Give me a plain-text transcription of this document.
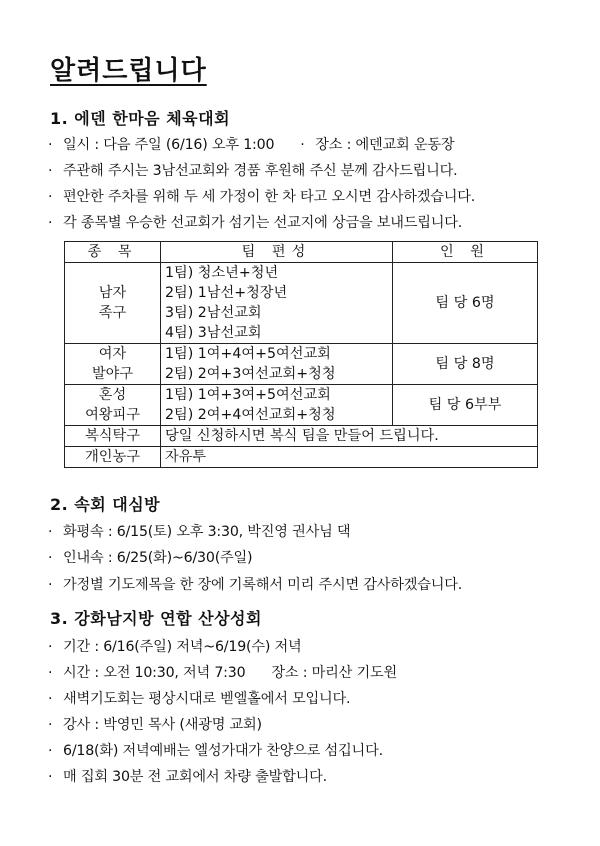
알려드립니다
1. 에덴 한마음 체육대회

· 일시 : 다음 주일 (6/16) 오후 1:00 · 장소 : 에덴교회 운동장

· 주관해 주시는 3남선교회와 경품 후원해 주신 분께 감사드립니다.

· 편안한 주차를 위해 두 세 가정이 한 차 타고 오시면 감사하겠습니다.

· 각 종목별 우승한 선교회가 섬기는 선교지에 상금을 보내드립니다.

종 목	팀 편성	인 원

남자
족구	1팀) 청소년+청년
2팀) 1남선+청장년
3팀) 2남선교회
4팀) 3남선교회	팀 당 6명

여자
발야구	1팀) 1여+4여+5여선교회
2팀) 2여+3여선교회+청청	팀 당 8명

혼성
여왕피구	1팀) 1여+3여+5여선교회
2팀) 2여+4여선교회+청청	팀 당 6부부
복식탁구	당일 신청하시면 복식 팀을 만들어 드립니다.	
개인농구	자유투	
2. 속회 대심방

· 화평속 : 6/15(토) 오후 3:30, 박진영 권사님 댁

· 인내속 : 6/25(화)~6/30(주일)

· 가정별 기도제목을 한 장에 기록해서 미리 주시면 감사하겠습니다.

3. 강화남지방 연합 산상성회

· 기간 : 6/16(주일) 저녁~6/19(수) 저녁

· 시간 : 오전 10:30, 저녁 7:30 장소 : 마리산 기도원

· 새벽기도회는 평상시대로 벧엘홀에서 모입니다.

· 강사 : 박영민 목사 (새광명 교회)

· 6/18(화) 저녁예배는 엘성가대가 찬양으로 섬깁니다.

· 매 집회 30분 전 교회에서 차량 출발합니다.
